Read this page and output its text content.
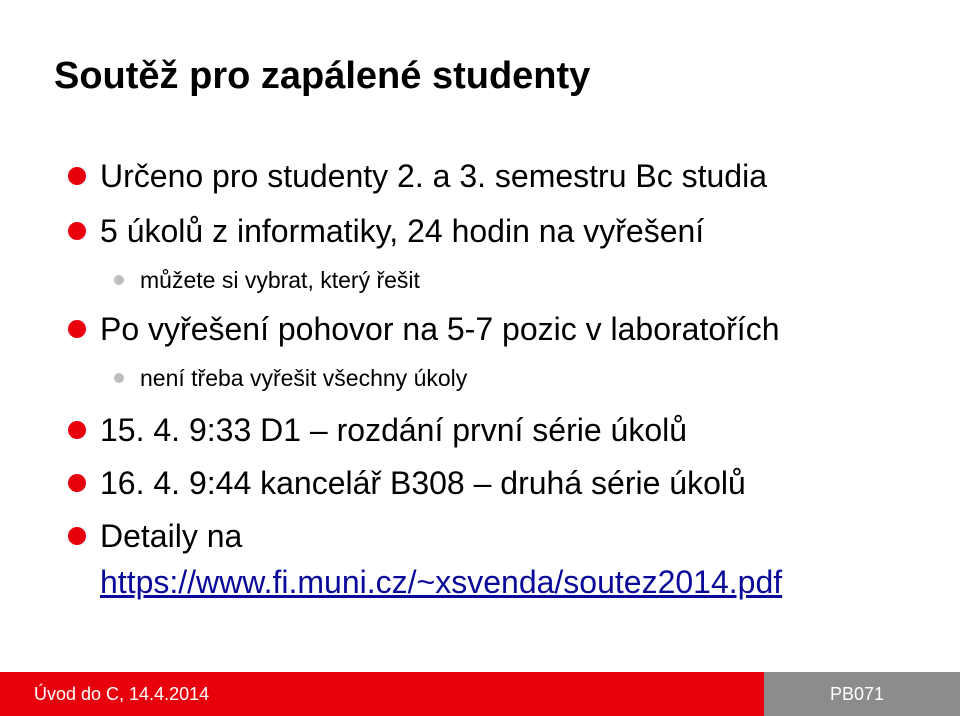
Soutěž pro zapálené studenty
Určeno pro studenty 2. a 3. semestru Bc studia
5 úkolů z informatiky, 24 hodin na vyřešení
můžete si vybrat, který řešit
Po vyřešení pohovor na 5-7 pozic v laboratořích
není třeba vyřešit všechny úkoly
15. 4. 9:33 D1 – rozdání první série úkolů
16. 4. 9:44 kancelář B308 – druhá série úkolů
Detaily na
https://www.fi.muni.cz/~xsvenda/soutez2014.pdf
Úvod do C, 14.4.2014	PB071
